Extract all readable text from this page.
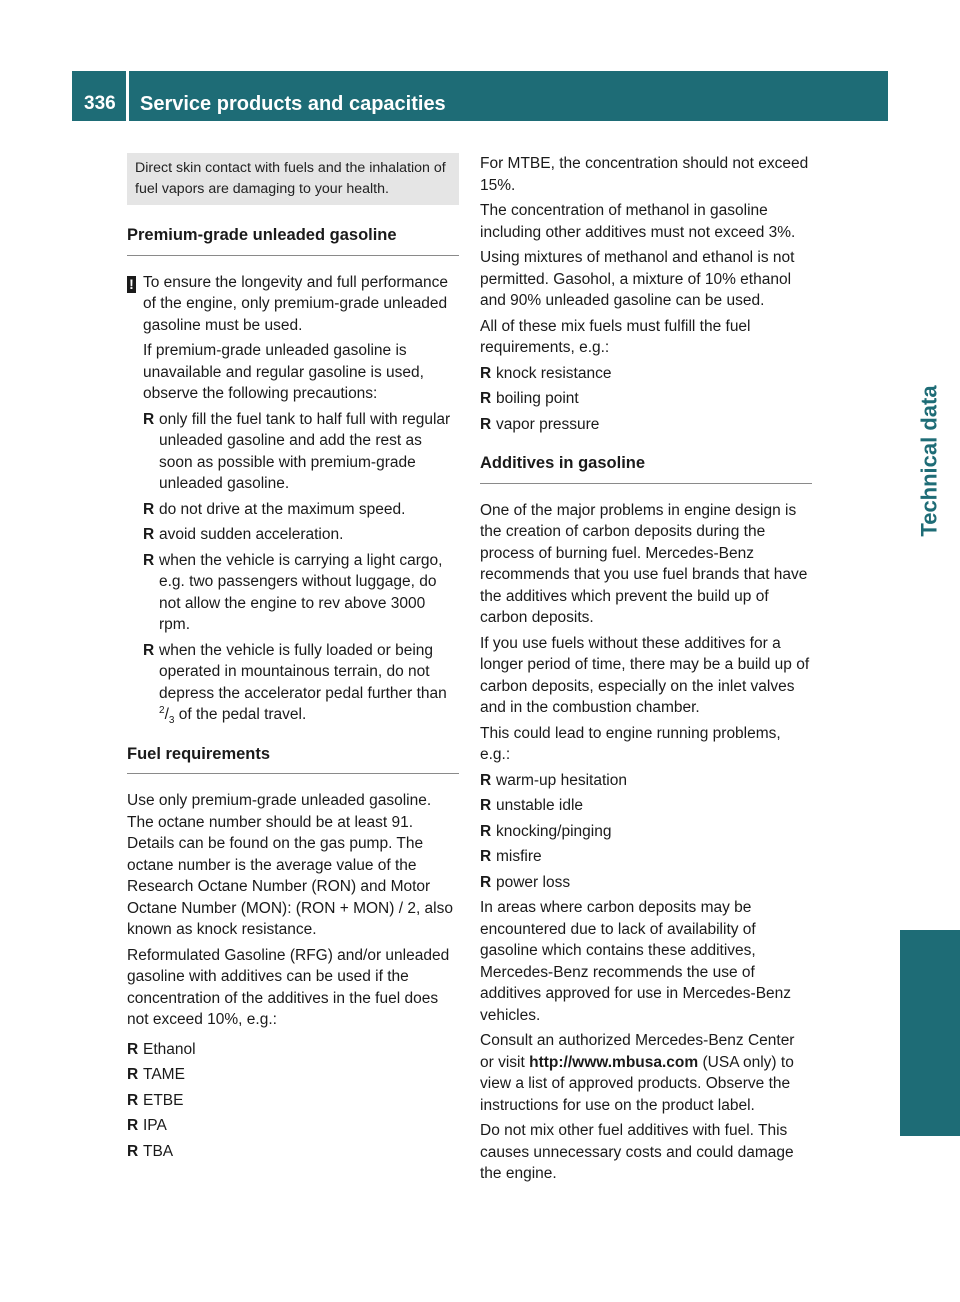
336	Service products and capacities
Technical data
Direct skin contact with fuels and the inhalation of fuel vapors are damaging to your health.
Premium-grade unleaded gasoline

! To ensure the longevity and full performance of the engine, only premium-grade unleaded gasoline must be used.

If premium-grade unleaded gasoline is unavailable and regular gasoline is used, observe the following precautions:

R only fill the fuel tank to half full with regular unleaded gasoline and add the rest as soon as possible with premium-grade unleaded gasoline.
R do not drive at the maximum speed.
R avoid sudden acceleration.
R when the vehicle is carrying a light cargo, e.g. two passengers without luggage, do not allow the engine to rev above 3000 rpm.
R when the vehicle is fully loaded or being operated in mountainous terrain, do not depress the accelerator pedal further than $^2/_3$ of the pedal travel.
Fuel requirements

Use only premium-grade unleaded gasoline. The octane number should be at least 91. Details can be found on the gas pump. The octane number is the average value of the Research Octane Number (RON) and Motor Octane Number (MON): (RON + MON) / 2, also known as knock resistance.

Reformulated Gasoline (RFG) and/or unleaded gasoline with additives can be used if the concentration of the additives in the fuel does not exceed 10%, e.g.:

R Ethanol
R TAME
R ETBE
R IPA
R TBA

For MTBE, the concentration should not exceed 15%.

The concentration of methanol in gasoline including other additives must not exceed 3%.

Using mixtures of methanol and ethanol is not permitted. Gasohol, a mixture of 10% ethanol and 90% unleaded gasoline can be used.

All of these mix fuels must fulfill the fuel requirements, e.g.:

R knock resistance
R boiling point
R vapor pressure
Additives in gasoline

One of the major problems in engine design is the creation of carbon deposits during the process of burning fuel. Mercedes-Benz recommends that you use fuel brands that have the additives which prevent the build up of carbon deposits.

If you use fuels without these additives for a longer period of time, there may be a build up of carbon deposits, especially on the inlet valves and in the combustion chamber.

This could lead to engine running problems, e.g.:

R warm-up hesitation
R unstable idle
R knocking/pinging
R misfire
R power loss

In areas where carbon deposits may be encountered due to lack of availability of gasoline which contains these additives, Mercedes-Benz recommends the use of additives approved for use in Mercedes-Benz vehicles.

Consult an authorized Mercedes-Benz Center or visit http://www.mbusa.com (USA only) to view a list of approved products. Observe the instructions for use on the product label.

Do not mix other fuel additives with fuel. This causes unnecessary costs and could damage the engine.
